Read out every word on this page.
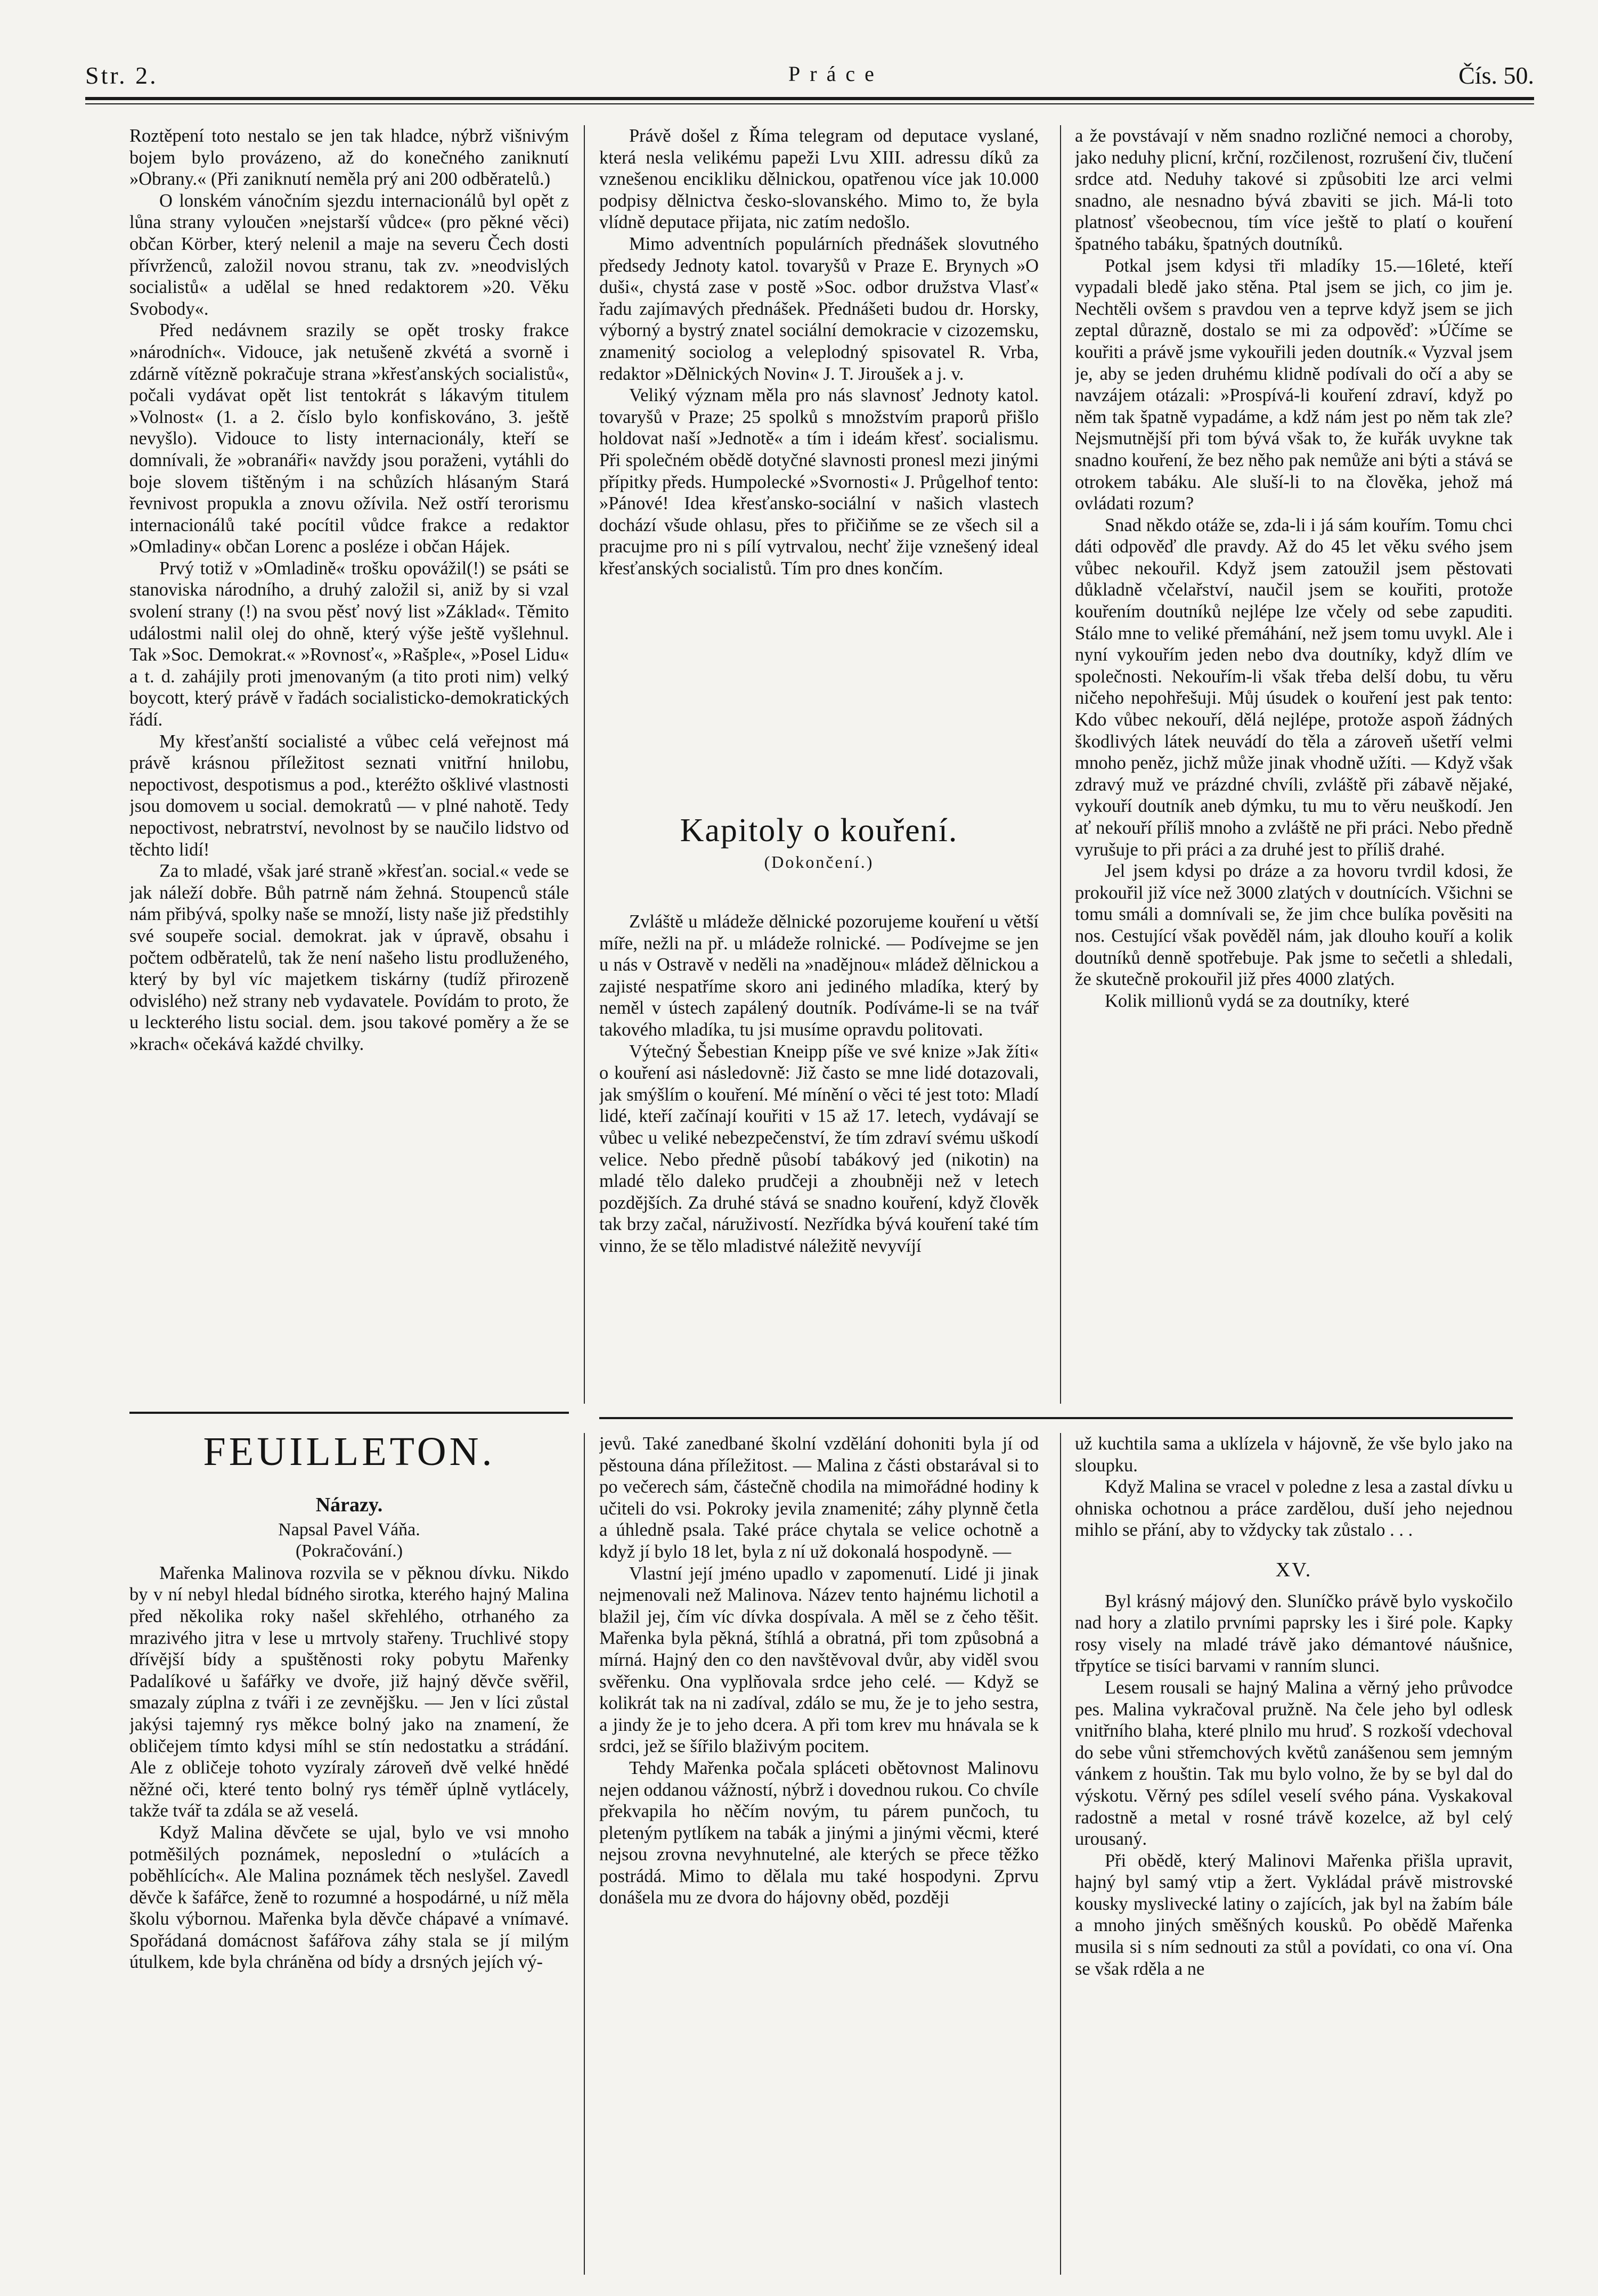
Str. 2.	Práce	Čís. 50.

Roztěpení toto nestalo se jen tak hladce, nýbrž višnivým bojem bylo provázeno, až do konečného zaniknutí »Obrany.« (Při zaniknutí neměla prý ani 200 odběratelů.)

O lonském vánočním sjezdu internacionálů byl opět z lůna strany vyloučen »nejstarší vůdce« (pro pěkné věci) občan Körber, který nelenil a maje na severu Čech dosti přívrženců, založil novou stranu, tak zv. »neodvislých socialistů« a udělal se hned redaktorem »20. Věku Svobody«.

Před nedávnem srazily se opět trosky frakce »národních«. Vidouce, jak netušeně zkvétá a svorně i zdárně vítězně pokračuje strana »křesťanských socialistů«, počali vydávat opět list tentokrát s lákavým titulem »Volnost« (1. a 2. číslo bylo konfiskováno, 3. ještě nevyšlo). Vidouce to listy internacionály, kteří se domnívali, že »obranáři« navždy jsou poraženi, vytáhli do boje slovem tištěným i na schůzích hlásaným Stará řevnivost propukla a znovu ožívila. Než ostří terorismu internacionálů také pocítil vůdce frakce a redaktor »Omladiny« občan Lorenc a posléze i občan Hájek.

Prvý totiž v »Omladině« trošku opovážil(!) se psáti se stanoviska národního, a druhý založil si, aniž by si vzal svolení strany (!) na svou pěsť nový list »Základ«. Těmito událostmi nalil olej do ohně, který výše ještě vyšlehnul. Tak »Soc. Demokrat.« »Rovnosť«, »Rašple«, »Posel Lidu« a t. d. zahájily proti jmenovaným (a tito proti nim) velký boycott, který právě v řadách socialisticko-demokratických řádí.

My křesťanští socialisté a vůbec celá veřejnost má právě krásnou příležitost seznati vnitřní hnilobu, nepoctivost, despotismus a pod., kteréžto ošklivé vlastnosti jsou domovem u social. demokratů — v plné nahotě. Tedy nepoctivost, nebratrství, nevolnost by se naučilo lidstvo od těchto lidí!

Za to mladé, však jaré straně »křesťan. social.« vede se jak náleží dobře. Bůh patrně nám žehná. Stoupenců stále nám přibývá, spolky naše se množí, listy naše již předstihly své soupeře social. demokrat. jak v úpravě, obsahu i počtem odběratelů, tak že není našeho listu prodluženého, který by byl víc majetkem tiskárny (tudíž přirozeně odvislého) než strany neb vydavatele. Povídám to proto, že u leckterého listu social. dem. jsou takové poměry a že se »krach« očekává každé chvilky.

Právě došel z Říma telegram od deputace vyslané, která nesla velikému papeži Lvu XIII. adressu díků za vznešenou encikliku dělnickou, opatřenou více jak 10.000 podpisy dělnictva česko-slovanského. Mimo to, že byla vlídně deputace přijata, nic zatím nedošlo.

Mimo adventních populárních přednášek slovutného předsedy Jednoty katol. tovaryšů v Praze E. Brynych »O duši«, chystá zase v postě »Soc. odbor družstva Vlasť« řadu zajímavých přednášek. Přednášeti budou dr. Horsky, výborný a bystrý znatel sociální demokracie v cizozemsku, znamenitý sociolog a veleplodný spisovatel R. Vrba, redaktor »Dělnických Novin« J. T. Jiroušek a j. v.

Veliký význam měla pro nás slavnosť Jednoty katol. tovaryšů v Praze; 25 spolků s množstvím praporů přišlo holdovat naší »Jednotě« a tím i ideám křesť. socialismu. Při společném obědě dotyčné slavnosti pronesl mezi jinými přípitky předs. Humpolecké »Svornosti« J. Průgelhof tento: »Pánové! Idea křesťansko-sociální v našich vlastech dochází všude ohlasu, přes to přičiňme se ze všech sil a pracujme pro ni s pílí vytrvalou, nechť žije vznešený ideal křesťanských socialistů. Tím pro dnes končím.

Kapitoly o kouření.
(Dokončení.)

Zvláště u mládeže dělnické pozorujeme kouření u větší míře, nežli na př. u mládeže rolnické. — Podívejme se jen u nás v Ostravě v neděli na »nadějnou« mládež dělnickou a zajisté nespatříme skoro ani jediného mladíka, který by neměl v ústech zapálený doutník. Podíváme-li se na tvář takového mladíka, tu jsi musíme opravdu politovati.

Výtečný Šebestian Kneipp píše ve své knize »Jak žíti« o kouření asi následovně: Již často se mne lidé dotazovali, jak smýšlím o kouření. Mé mínění o věci té jest toto: Mladí lidé, kteří začínají kouřiti v 15 až 17. letech, vydávají se vůbec u veliké nebezpečenství, že tím zdraví svému uškodí velice. Nebo předně působí tabákový jed (nikotin) na mladé tělo daleko prudčeji a zhoubněji než v letech pozdějších. Za druhé stává se snadno kouření, když člověk tak brzy začal, náruživostí. Nezřídka bývá kouření také tím vinno, že se tělo mladistvé náležitě nevyvíjí

a že povstávají v něm snadno rozličné nemoci a choroby, jako neduhy plicní, krční, rozčilenost, rozrušení čiv, tlučení srdce atd. Neduhy takové si způsobiti lze arci velmi snadno, ale nesnadno bývá zbaviti se jich. Má-li toto platnosť všeobecnou, tím více ještě to platí o kouření špatného tabáku, špatných doutníků.

Potkal jsem kdysi tři mladíky 15.—16leté, kteří vypadali bledě jako stěna. Ptal jsem se jich, co jim je. Nechtěli ovšem s pravdou ven a teprve když jsem se jich zeptal důrazně, dostalo se mi za odpověď: »Účíme se kouřiti a právě jsme vykouřili jeden doutník.« Vyzval jsem je, aby se jeden druhému klidně podívali do očí a aby se navzájem otázali: »Prospívá-li kouření zdraví, když po něm tak špatně vypadáme, a kdž nám jest po něm tak zle? Nejsmutnější při tom bývá však to, že kuřák uvykne tak snadno kouření, že bez něho pak nemůže ani býti a stává se otrokem tabáku. Ale sluší-li to na člověka, jehož má ovládati rozum?

Snad někdo otáže se, zda-li i já sám kouřím. Tomu chci dáti odpověď dle pravdy. Až do 45 let věku svého jsem vůbec nekouřil. Když jsem zatoužil jsem pěstovati důkladně včelařství, naučil jsem se kouřiti, protože kouřením doutníků nejlépe lze včely od sebe zapuditi. Stálo mne to veliké přemáhání, než jsem tomu uvykl. Ale i nyní vykouřím jeden nebo dva doutníky, když dlím ve společnosti. Nekouřím-li však třeba delší dobu, tu věru ničeho nepohřešuji. Můj úsudek o kouření jest pak tento: Kdo vůbec nekouří, dělá nejlépe, protože aspoň žádných škodlivých látek neuvádí do těla a zároveň ušetří velmi mnoho peněz, jichž může jinak vhodně užíti. — Když však zdravý muž ve prázdné chvíli, zvláště při zábavě nějaké, vykouří doutník aneb dýmku, tu mu to věru neuškodí. Jen ať nekouří příliš mnoho a zvláště ne při práci. Nebo předně vyrušuje to při práci a za druhé jest to příliš drahé.

Jel jsem kdysi po dráze a za hovoru tvrdil kdosi, že prokouřil již více než 3000 zlatých v doutnících. Všichni se tomu smáli a domnívali se, že jim chce bulíka pověsiti na nos. Cestující však pověděl nám, jak dlouho kouří a kolik doutníků denně spotřebuje. Pak jsme to sečetli a shledali, že skutečně prokouřil již přes 4000 zlatých.

Kolik millionů vydá se za doutníky, které

FEUILLETON.

Nárazy.

Napsal Pavel Váňa.

(Pokračování.)

Mařenka Malinova rozvila se v pěknou dívku. Nikdo by v ní nebyl hledal bídného sirotka, kterého hajný Malina před několika roky našel skřehlého, otrhaného za mrazivého jitra v lese u mrtvoly stařeny. Truchlivé stopy dřívější bídy a spuštěnosti roky pobytu Mařenky Padalíkové u šafářky ve dvoře, již hajný děvče svěřil, smazaly zúplna z tváři i ze zevnějšku. — Jen v líci zůstal jakýsi tajemný rys měkce bolný jako na znamení, že obličejem tímto kdysi míhl se stín nedostatku a strádání. Ale z obličeje tohoto vyzíraly zároveň dvě velké hnědé něžné oči, které tento bolný rys téměř úplně vytlácely, takže tvář ta zdála se až veselá.

Když Malina děvčete se ujal, bylo ve vsi mnoho potměšilých poznámek, neposlední o »tulácích a poběhlících«. Ale Malina poznámek těch neslyšel. Zavedl děvče k šafářce, ženě to rozumné a hospodárné, u níž měla školu výbornou. Mařenka byla děvče chápavé a vnímavé. Spořádaná domácnost šafářova záhy stala se jí milým útulkem, kde byla chráněna od bídy a drsných jejích vý-

jevů. Také zanedbané školní vzdělání dohoniti byla jí od pěstouna dána příležitost. — Malina z části obstarával si to po večerech sám, částečně chodila na mimořádné hodiny k učiteli do vsi. Pokroky jevila znamenité; záhy plynně četla a úhledně psala. Také práce chytala se velice ochotně a když jí bylo 18 let, byla z ní už dokonalá hospodyně. —

Vlastní její jméno upadlo v zapomenutí. Lidé ji jinak nejmenovali než Malinova. Název tento hajnému lichotil a blažil jej, čím víc dívka dospívala. A měl se z čeho těšit. Mařenka byla pěkná, štíhlá a obratná, při tom způsobná a mírná. Hajný den co den navštěvoval dvůr, aby viděl svou svěřenku. Ona vyplňovala srdce jeho celé. — Když se kolikrát tak na ni zadíval, zdálo se mu, že je to jeho sestra, a jindy že je to jeho dcera. A při tom krev mu hnávala se k srdci, jež se šířilo blaživým pocitem.

Tehdy Mařenka počala spláceti obětovnost Malinovu nejen oddanou vážností, nýbrž i dovednou rukou. Co chvíle překvapila ho něčím novým, tu párem punčoch, tu pleteným pytlíkem na tabák a jinými a jinými věcmi, které nejsou zrovna nevyhnutelné, ale kterých se přece těžko postrádá. Mimo to dělala mu také hospodyni. Zprvu donášela mu ze dvora do hájovny oběd, později

už kuchtila sama a uklízela v hájovně, že vše bylo jako na sloupku.

Když Malina se vracel v poledne z lesa a zastal dívku u ohniska ochotnou a práce zardělou, duší jeho nejednou mihlo se přání, aby to vždycky tak zůstalo . . .

XV.

Byl krásný májový den. Sluníčko právě bylo vyskočilo nad hory a zlatilo prvními paprsky les i širé pole. Kapky rosy visely na mladé trávě jako démantové náušnice, třpytíce se tisíci barvami v ranním slunci.

Lesem rousali se hajný Malina a věrný jeho průvodce pes. Malina vykračoval pružně. Na čele jeho byl odlesk vnitřního blaha, které plnilo mu hruď. S rozkoší vdechoval do sebe vůni střemchových květů zanášenou sem jemným vánkem z houštin. Tak mu bylo volno, že by se byl dal do výskotu. Věrný pes sdílel veselí svého pána. Vyskakoval radostně a metal v rosné trávě kozelce, až byl celý urousaný.

Při obědě, který Malinovi Mařenka přišla upravit, hajný byl samý vtip a žert. Vykládal právě mistrovské kousky myslivecké latiny o zajících, jak byl na žabím bále a mnoho jiných směšných kousků. Po obědě Mařenka musila si s ním sednouti za stůl a povídati, co ona ví. Ona se však rděla a ne
